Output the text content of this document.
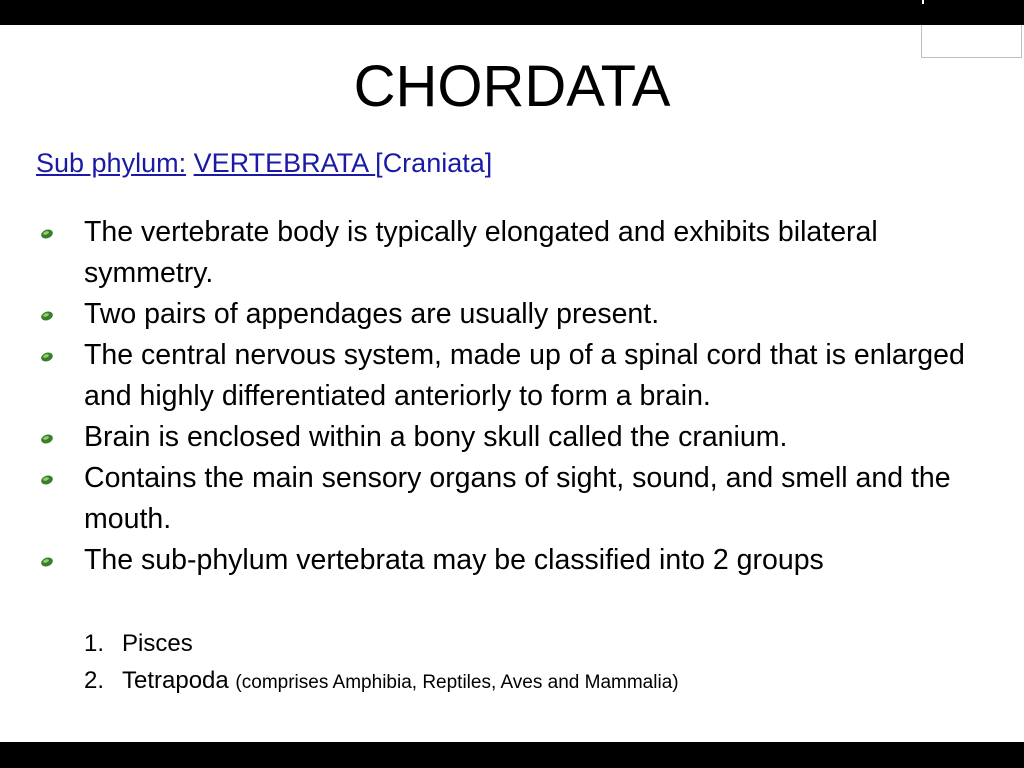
CHORDATA
Sub phylum: VERTEBRATA [Craniata]
The vertebrate body is typically elongated and exhibits bilateral symmetry.
Two pairs of appendages are usually present.
The central nervous system, made up of a spinal cord that is enlarged and highly differentiated anteriorly to form a brain.
Brain is enclosed within a bony skull called the cranium.
Contains the main sensory organs of sight, sound, and smell and the mouth.
The sub-phylum vertebrata may be classified into 2 groups
1. Pisces
2. Tetrapoda (comprises Amphibia, Reptiles, Aves and Mammalia)
